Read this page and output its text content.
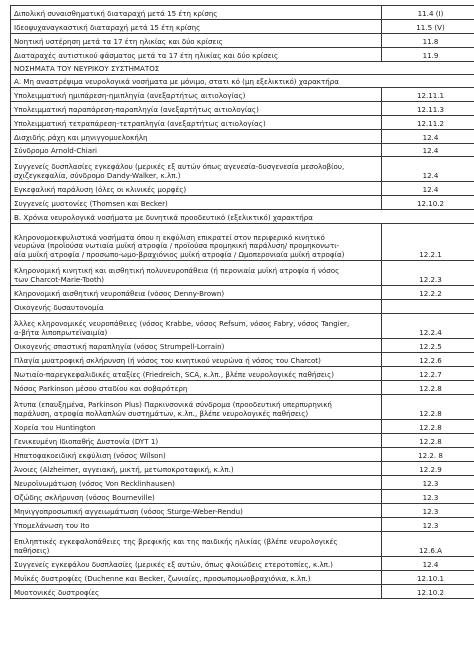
Διπολική συναισθηματική διαταραχή μετά 15 έτη κρίσης	11.4 (I)
Ιδεοψυχαναγκαστική διαταραχή μετά 15 έτη κρίσης	11.5 (V)
Νοητική υστέρηση μετά τα 17 έτη ηλικίας και δύο κρίσεις	11.8
Διαταραχές αυτιστικού φάσματος μετά τα 17 έτη ηλικίας και δύο κρίσεις	11.9
ΝΟΣΗΜΑΤΑ ΤΟΥ ΝΕΥΡΙΚΟΥ ΣΥΣΤΗΜΑΤΟΣ	
Α. Μη αναστρέψιμα νευρολογικά νοσήματα με μόνιμο, στατι κό (μη εξελικτικό) χαρακτήρα	
Υπολειμματική ημιπάρεση-ημιπληγία (ανεξαρτήτως αιτιολογίας)	12.11.1
Υπολειμματική παραπάρεση-παραπληγία (ανεξαρτήτως αιτιολογίας)	12.11.3
Υπολειμματική τετραπάρεση-τετραπληγία (ανεξαρτήτως αιτιολογίας)	12.11.2
Δισχιδής ράχη και μηνιγγομυελοκήλη	12.4
Σύνδρομο Arnold-Chiari	12.4
Συγγενείς δυσπλασίες εγκεφάλου (μερικές εξ αυτών όπως αγενεσία-δυσγενεσία μεσολοβίου,
σχιζεγκεφαλία, σύνδρομο Dandy-Walker, κ.λπ.)	12.4
Εγκεφαλική παράλυση (όλες οι κλινικές μορφές)	12.4
Συγγενείς μυοτονίες (Thomsen και Becker)	12.10.2
Β. Χρόνια νευρολογικά νοσήματα με δυνητικά προοδευτικό (εξελικτικό) χαρακτήρα	
Κληρονομοεκφυλιστικά νοσήματα όπου η εκφύλιση επικρατεί στον περιφερικό κινητικό
νευρώνα (προϊούσα νωτιαία μυϊκή ατροφία / προϊούσα προμηκική παράλυση/ προμηκονωτι-
αία μυϊκή ατροφία / προσωπο-ωμο-βραχιόνιος μυϊκή ατροφία / Ωμοπερονιαία μυϊκή ατροφία)	12.2.1
Κληρονομική κινητική και αισθητική πολυνευροπάθεια (ή περονιαία μυϊκή ατροφία ή νόσος
των Charcot-Marie-Tooth)	12.2.3
Κληρονομική αισθητική νευροπάθεια (νόσος Denny-Brown)	12.2.2
Οικογενής δυσαυτονομία	
Άλλες κληρονομικές νευροπάθειες (νόσος Krabbe, νόσος Refsum, νόσος Fabry, νόσος Tangier,
α-βήτα λιποπρωτεϊναιμία)	12.2.4
Οικογενής σπαστική παραπληγία (νόσος Strumpell-Lorrain)	12.2.5
Πλαγία μυατροφική σκλήρυνση (ή νόσος του κινητικού νευρώνα ή νόσος του Charcot)	12.2.6
Νωτιαίο-παρεγκεφαλιδικές αταξίες (Friedreich, SCA, κ.λπ., βλέπε νευρολογικές παθήσεις)	12.2.7
Νόσος Parkinson μέσου σταδίου και σοβαρότερη	12.2.8
Άτυπα (επαυξημένα, Parkinson Plus) Παρκινσονικά σύνδρομα (προοδευτική υπερπυρηνική
παράλυση, ατροφία πολλαπλών συστημάτων, κ.λπ., βλέπε νευρολογικές παθήσεις)	12.2.8
Χορεία του Huntington	12.2.8
Γενικευμένη Ιδιοπαθής Δυστονία (DYT 1)	12.2.8
Ηπατοφακοειδική εκφύλιση (νόσος Wilson)	12.2. 8
Άνοιες (Alzheimer, αγγειακή, μικτή, μετωποκροταφική, κ.λπ.)	12.2.9
Νευροϊνωμάτωση (νόσος Von Recklinhausen)	12.3
Οζώδης σκλήρυνση (νόσος Bourneville)	12.3
Μηνιγγοπροσωπική αγγειωμάτωση (νόσος Sturge-Weber-Rendu)	12.3
Υπομελάνωση του Ito	12.3
Επιληπτικές εγκεφαλοπάθειες της βρεφικής και της παιδικής ηλικίας (βλέπε νευρολογικές
παθήσεις)	12.6.A
Συγγενείς εγκεφάλου δυσπλασίες (μερικές εξ αυτών, όπως φλοιώδεις ετεροτοπίες, κ.λπ.)	12.4
Μυϊκές δυστροφίες (Duchenne και Becker, ζωνιαίες, προσωπομωοβραχιόνια, κ.λπ.)	12.10.1
Μυοτονικές δυστροφίες	12.10.2
